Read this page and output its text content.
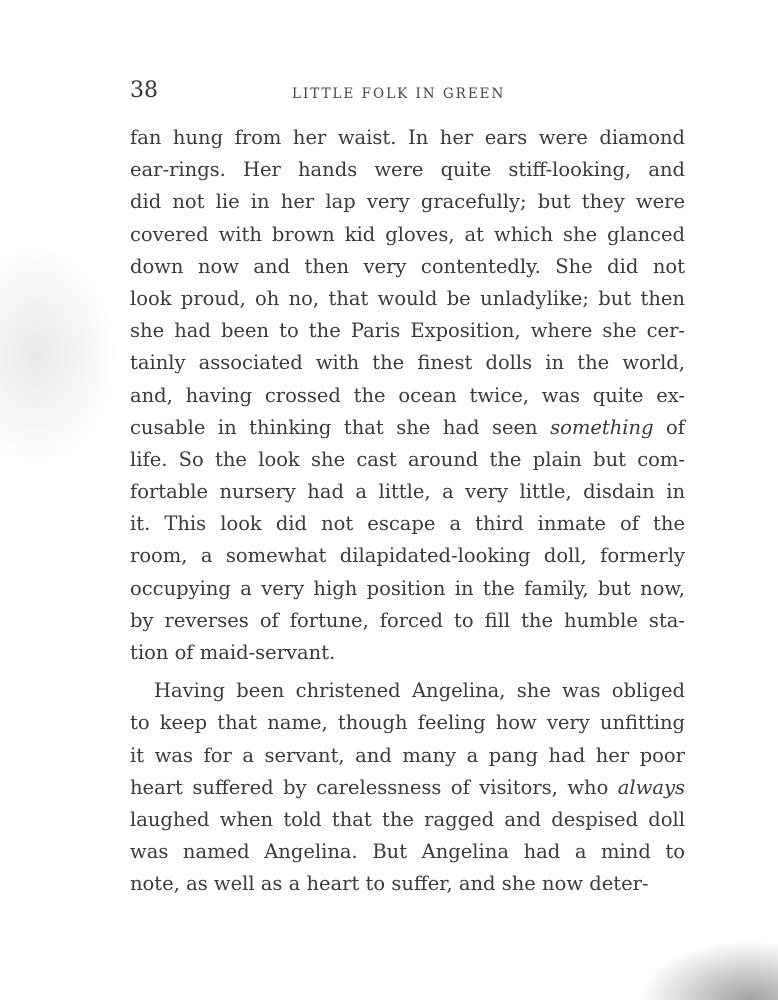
38	LITTLE FOLK IN GREEN
fan hung from her waist. In her ears were diamond
ear-rings. Her hands were quite stiff-looking, and
did not lie in her lap very gracefully; but they were
covered with brown kid gloves, at which she glanced
down now and then very contentedly. She did not
look proud, oh no, that would be unladylike; but then
she had been to the Paris Exposition, where she cer-
tainly associated with the finest dolls in the world,
and, having crossed the ocean twice, was quite ex-
cusable in thinking that she had seen something of
life. So the look she cast around the plain but com-
fortable nursery had a little, a very little, disdain in
it. This look did not escape a third inmate of the
room, a somewhat dilapidated-looking doll, formerly
occupying a very high position in the family, but now,
by reverses of fortune, forced to fill the humble sta-
tion of maid-servant.
Having been christened Angelina, she was obliged
to keep that name, though feeling how very unfitting
it was for a servant, and many a pang had her poor
heart suffered by carelessness of visitors, who always
laughed when told that the ragged and despised doll
was named Angelina. But Angelina had a mind to
note, as well as a heart to suffer, and she now deter-
